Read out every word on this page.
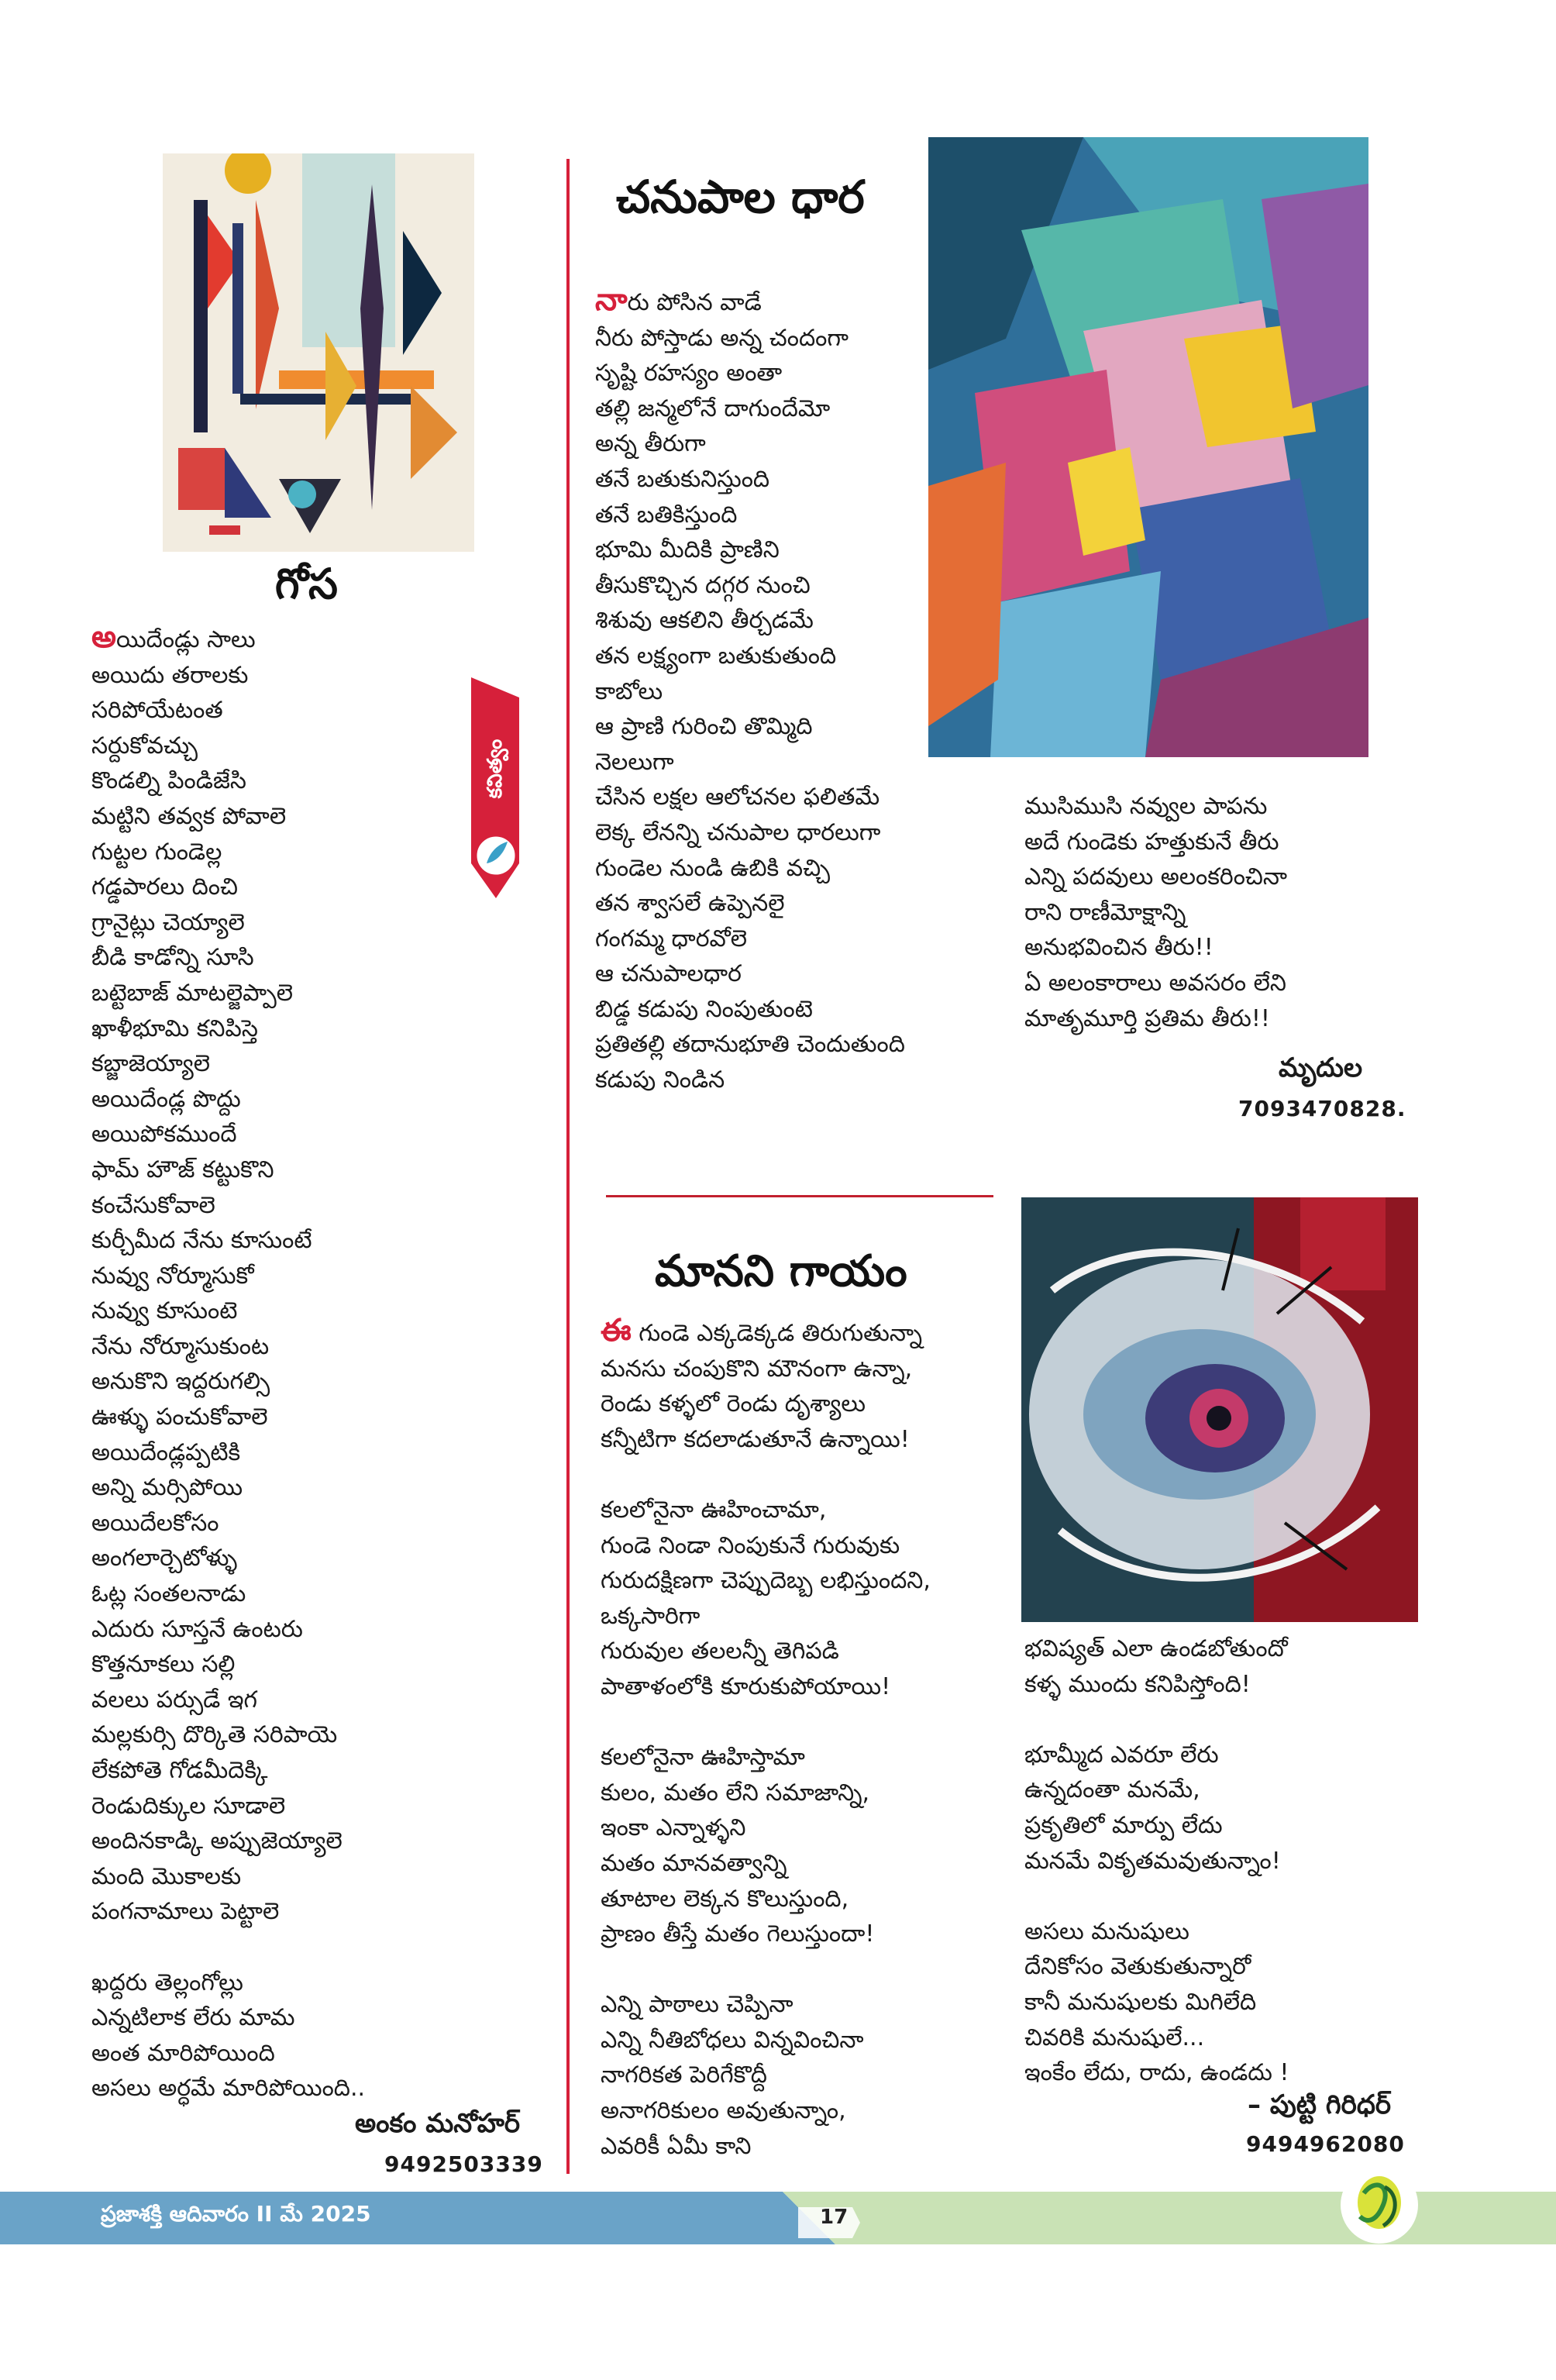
కవిత్వం
గోస
అయిదేండ్లు సాలు
అయిదు తరాలకు
సరిపోయేటంత
సర్దుకోవచ్చు
కొండల్ని పిండిజేసి
మట్టిని తవ్వక పోవాలె
గుట్టల గుండెల్ల
గడ్డపారలు దించి
గ్రానైట్లు చెయ్యాలె
బీడి కాడోన్ని సూసి
బట్టెబాజ్ మాటల్జెప్పాలె
ఖాళీభూమి కనిపిస్తె
కబ్జాజెయ్యాలె
అయిదేండ్ల పొద్దు
అయిపోకముందే
ఫామ్ హౌజ్ కట్టుకొని
కంచేసుకోవాలె
కుర్చీమీద నేను కూసుంటే
నువ్వు నోర్మూసుకో
నువ్వు కూసుంటె
నేను నోర్మూసుకుంట
అనుకొని ఇద్దరుగల్సి
ఊళ్ళు పంచుకోవాలె
అయిదేండ్లప్పటికి
అన్ని మర్సిపోయి
అయిదేలకోసం
అంగలార్చెటోళ్ళు
ఓట్ల సంతలనాడు
ఎదురు సూస్తనే ఉంటరు
కొత్తనూకలు సల్లి
వలలు పర్సుడే ఇగ
మల్లకుర్సి దొర్కితె సరిపాయె
లేకపోతె గోడమీదెక్కి
రెండుదిక్కుల సూడాలె
అందినకాడ్కి అప్పుజెయ్యాలె
మంది మొకాలకు
పంగనామాలు పెట్టాలె

ఖద్దరు తెల్లంగోల్లు
ఎన్నటిలాక లేరు మామ
అంత మారిపోయింది
అసలు అర్ధమే మారిపోయింది..
అంకం మనోహర్
9492503339
చనుపాల ధార
నారు పోసిన వాడే
నీరు పోస్తాడు అన్న చందంగా
సృష్టి రహస్యం అంతా
తల్లి జన్మలోనే దాగుందేమో
అన్న తీరుగా
తనే బతుకునిస్తుంది
తనే బతికిస్తుంది
భూమి మీదికి ప్రాణిని
తీసుకొచ్చిన దగ్గర నుంచి
శిశువు ఆకలిని తీర్చడమే
తన లక్ష్యంగా బతుకుతుంది
కాబోలు
ఆ ప్రాణి గురించి తొమ్మిది
నెలలుగా
చేసిన లక్షల ఆలోచనల ఫలితమే
లెక్క లేనన్ని చనుపాల ధారలుగా
గుండెల నుండి ఉబికి వచ్చి
తన శ్వాసలే ఉప్పెనలై
గంగమ్మ ధారవోలె
ఆ చనుపాలధార
బిడ్డ కడుపు నింపుతుంటె
ప్రతితల్లి తదానుభూతి చెందుతుంది
కడుపు నిండిన
ముసిముసి నవ్వుల పాపను
అదే గుండెకు హత్తుకునే తీరు
ఎన్ని పదవులు అలంకరించినా
రాని రాణీమోక్షాన్ని
అనుభవించిన తీరు!!
ఏ అలంకారాలు అవసరం లేని
మాతృమూర్తి ప్రతిమ తీరు!!
మృదుల
7093470828.
మానని గాయం
ఈ గుండె ఎక్కడెక్కడ తిరుగుతున్నా
మనసు చంపుకొని మౌనంగా ఉన్నా,
రెండు కళ్ళలో రెండు దృశ్యాలు
కన్నీటిగా కదలాడుతూనే ఉన్నాయి!

కలలోనైనా ఊహించామా,
గుండె నిండా నింపుకునే గురువుకు
గురుదక్షిణగా చెప్పుదెబ్బ లభిస్తుందని,
ఒక్కసారిగా
గురువుల తలలన్నీ తెగిపడి
పాతాళంలోకి కూరుకుపోయాయి!

కలలోనైనా ఊహిస్తామా
కులం, మతం లేని సమాజాన్ని,
ఇంకా ఎన్నాళ్ళని
మతం మానవత్వాన్ని
తూటాల లెక్కన కొలుస్తుంది,
ప్రాణం తీస్తే మతం గెలుస్తుందా!

ఎన్ని పాఠాలు చెప్పినా
ఎన్ని నీతిబోధలు విన్నవించినా
నాగరికత పెరిగేకొద్దీ
అనాగరికులం అవుతున్నాం,
ఎవరికీ ఏమీ కాని
భవిష్యత్ ఎలా ఉండబోతుందో
కళ్ళ ముందు కనిపిస్తోంది!

భూమ్మీద ఎవరూ లేరు
ఉన్నదంతా మనమే,
ప్రకృతిలో మార్పు లేదు
మనమే వికృతమవుతున్నాం!

అసలు మనుషులు
దేనికోసం వెతుకుతున్నారో
కానీ మనుషులకు మిగిలేది
చివరికి మనుషులే...
ఇంకేం లేదు, రాదు, ఉండదు !
– పుట్టి గిరిధర్
9494962080
ప్రజాశక్తి ఆదివారం II మే 2025	17
